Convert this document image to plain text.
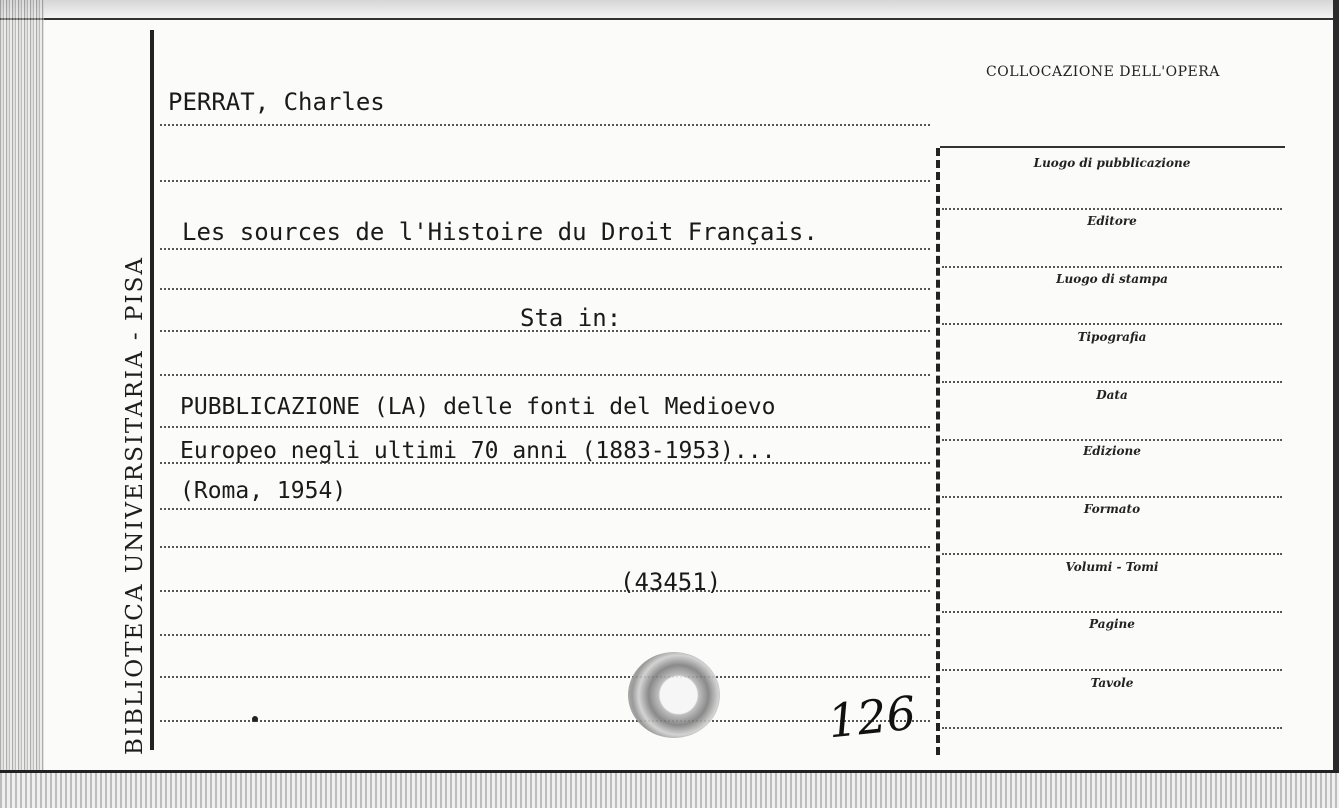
BIBLIOTECA UNIVERSITARIA - PISA
COLLOCAZIONE DELL'OPERA
Luogo di pubblicazione
Editore
Luogo di stampa
Tipografia
Data
Edizione
Formato
Volumi - Tomi
Pagine
Tavole
PERRAT, Charles
Les sources de l'Histoire du Droit Français.
Sta in:
PUBBLICAZIONE (LA) delle fonti del Medioevo
Europeo negli ultimi 70 anni (1883-1953)...
(Roma, 1954)
(43451)
126
